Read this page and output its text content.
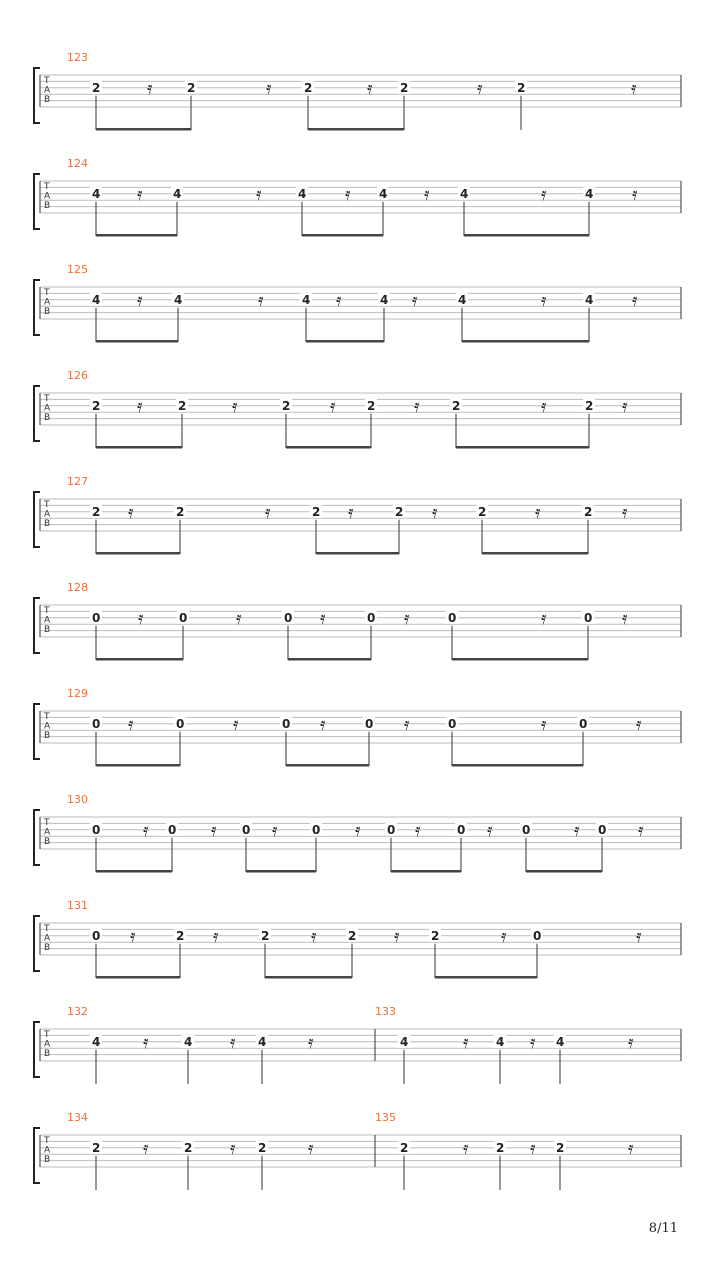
T
A
B
123
2	2	2	2	2
𝄿	𝄿	𝄿	𝄿	𝄿
T
A
B
124
4	4	4	4	4	4
𝄿	𝄿	𝄿	𝄿	𝄿	𝄿
T
A
B
125
4	4	4	4	4	4
𝄿	𝄿	𝄿	𝄿	𝄿	𝄿
T
A
B
126
2	2	2	2	2	2
𝄿	𝄿	𝄿	𝄿	𝄿	𝄿
T
A
B
127
2	2	2	2	2	2
𝄿	𝄿	𝄿	𝄿	𝄿	𝄿
T
A
B
128
0	0	0	0	0	0
𝄿	𝄿	𝄿	𝄿	𝄿	𝄿
T
A
B
129
0	0	0	0	0	0
𝄿	𝄿	𝄿	𝄿	𝄿	𝄿
T
A
B
130
0	0	0	0	0	0	0	0
𝄿	𝄿	𝄿	𝄿	𝄿	𝄿	𝄿	𝄿
T
A
B
131
0	2	2	2	2	0
𝄿	𝄿	𝄿	𝄿	𝄿	𝄿
T
A
B
132
4	4	4
𝄿	𝄿	𝄿
133
4	4	4
𝄿	𝄿	𝄿
T
A
B
134
2	2	2
𝄿	𝄿	𝄿
135
2	2	2
𝄿	𝄿	𝄿
8/11
